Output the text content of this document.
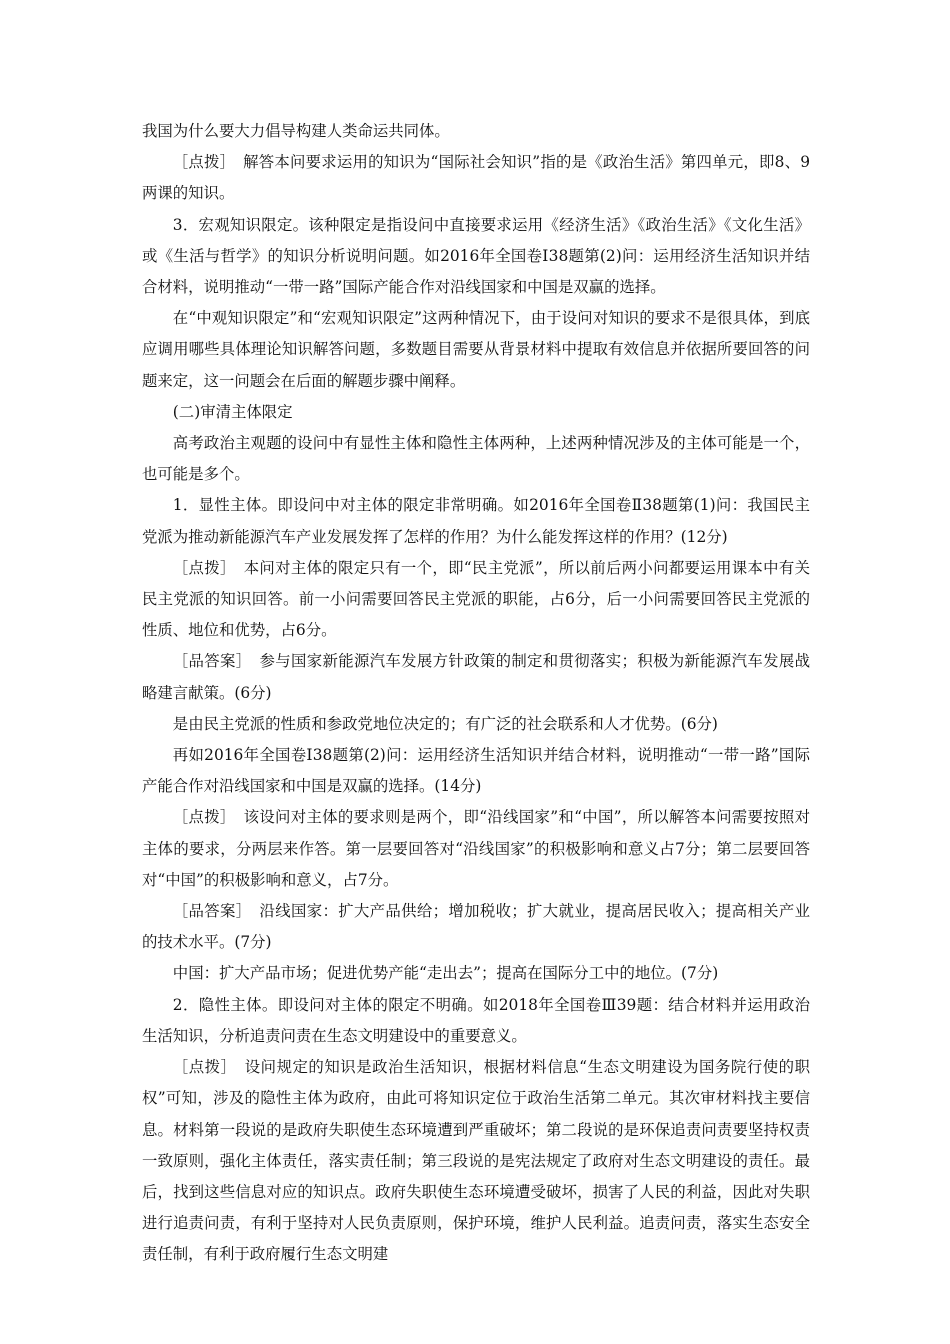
我国为什么要大力倡导构建人类命运共同体。

［点拨］　解答本问要求运用的知识为“国际社会知识”指的是《政治生活》第四单元，即8、9两课的知识。

3．宏观知识限定。该种限定是指设问中直接要求运用《经济生活》《政治生活》《文化生活》或《生活与哲学》的知识分析说明问题。如2016年全国卷Ⅰ38题第(2)问：运用经济生活知识并结合材料，说明推动“一带一路”国际产能合作对沿线国家和中国是双赢的选择。

在“中观知识限定”和“宏观知识限定”这两种情况下，由于设问对知识的要求不是很具体，到底应调用哪些具体理论知识解答问题，多数题目需要从背景材料中提取有效信息并依据所要回答的问题来定，这一问题会在后面的解题步骤中阐释。

(二)审清主体限定

高考政治主观题的设问中有显性主体和隐性主体两种，上述两种情况涉及的主体可能是一个，也可能是多个。

1．显性主体。即设问中对主体的限定非常明确。如2016年全国卷Ⅱ38题第(1)问：我国民主党派为推动新能源汽车产业发展发挥了怎样的作用？为什么能发挥这样的作用？(12分)

［点拨］　本问对主体的限定只有一个，即“民主党派”，所以前后两小问都要运用课本中有关民主党派的知识回答。前一小问需要回答民主党派的职能，占6分，后一小问需要回答民主党派的性质、地位和优势，占6分。

［品答案］　参与国家新能源汽车发展方针政策的制定和贯彻落实；积极为新能源汽车发展战略建言献策。(6分)

是由民主党派的性质和参政党地位决定的；有广泛的社会联系和人才优势。(6分)

再如2016年全国卷Ⅰ38题第(2)问：运用经济生活知识并结合材料，说明推动“一带一路”国际产能合作对沿线国家和中国是双赢的选择。(14分)

［点拨］　该设问对主体的要求则是两个，即“沿线国家”和“中国”，所以解答本问需要按照对主体的要求，分两层来作答。第一层要回答对“沿线国家”的积极影响和意义占7分；第二层要回答对“中国”的积极影响和意义，占7分。

［品答案］　沿线国家：扩大产品供给；增加税收；扩大就业，提高居民收入；提高相关产业的技术水平。(7分)

中国：扩大产品市场；促进优势产能“走出去”；提高在国际分工中的地位。(7分)

2．隐性主体。即设问对主体的限定不明确。如2018年全国卷Ⅲ39题：结合材料并运用政治生活知识，分析追责问责在生态文明建设中的重要意义。

［点拨］　设问规定的知识是政治生活知识，根据材料信息“生态文明建设为国务院行使的职权”可知，涉及的隐性主体为政府，由此可将知识定位于政治生活第二单元。其次审材料找主要信息。材料第一段说的是政府失职使生态环境遭到严重破坏；第二段说的是环保追责问责要坚持权责一致原则，强化主体责任，落实责任制；第三段说的是宪法规定了政府对生态文明建设的责任。最后，找到这些信息对应的知识点。政府失职使生态环境遭受破坏，损害了人民的利益，因此对失职进行追责问责，有利于坚持对人民负责原则，保护环境，维护人民利益。追责问责，落实生态安全责任制，有利于政府履行生态文明建
